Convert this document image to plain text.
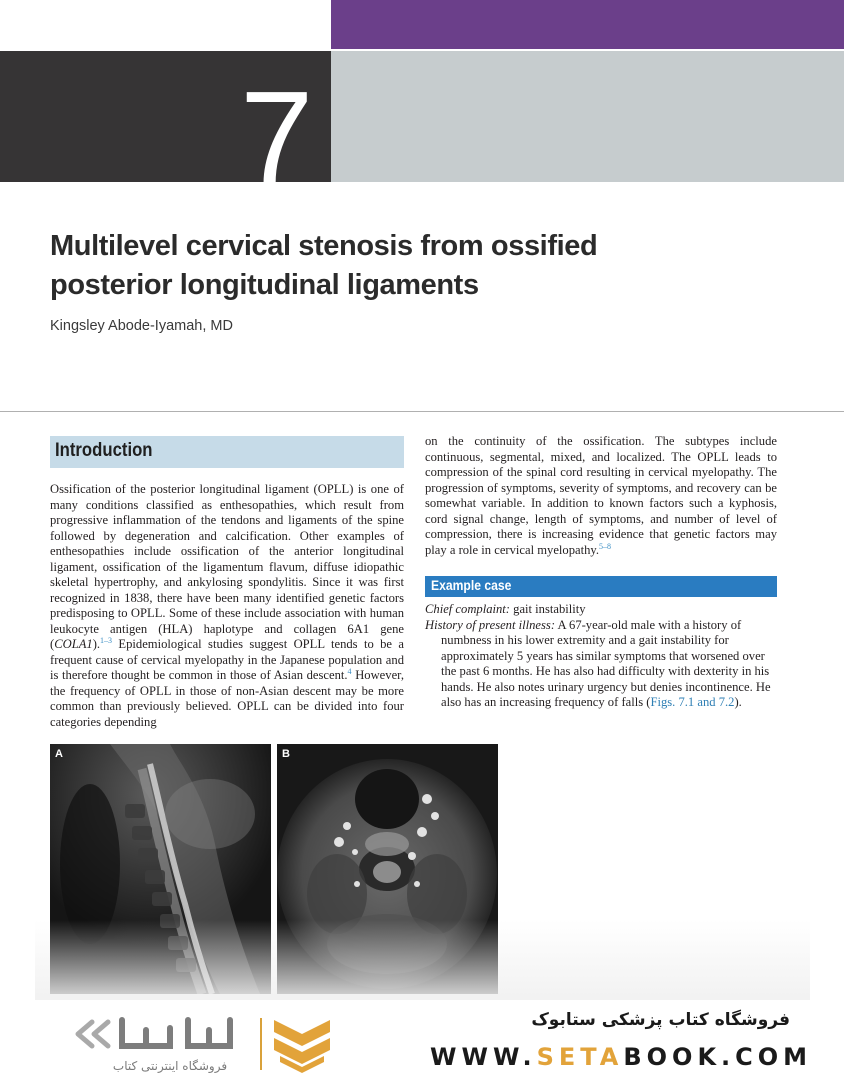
7
Multilevel cervical stenosis from ossified
posterior longitudinal ligaments
Kingsley Abode-Iyamah, MD
Introduction
Ossification of the posterior longitudinal ligament (OPLL) is one of many conditions classified as enthesopathies, which result from progressive inflammation of the tendons and ligaments of the spine followed by degeneration and calcification. Other examples of enthesopathies include ossification of the anterior longitudinal ligament, ossification of the ligamentum flavum, diffuse idiopathic skeletal hypertrophy, and ankylosing spondylitis. Since it was first recognized in 1838, there have been many identified genetic factors predisposing to OPLL. Some of these include association with human leukocyte antigen (HLA) haplotype and collagen 6A1 gene (COLA1).$^{1-3}$ Epidemiological studies suggest OPLL tends to be a frequent cause of cervical myelopathy in the Japanese population and is therefore thought be common in those of Asian descent.$^4$ However, the frequency of OPLL in those of non-Asian descent may be more common than previously believed. OPLL can be divided into four categories depending
on the continuity of the ossification. The subtypes include continuous, segmental, mixed, and localized. The OPLL leads to compression of the spinal cord resulting in cervical myelopathy. The progression of symptoms, severity of symptoms, and recovery can be somewhat variable. In addition to known factors such a kyphosis, cord signal change, length of symptoms, and number of level of compression, there is increasing evidence that genetic factors may play a role in cervical myelopathy.$^{5-8}$
Example case
Chief complaint: gait instability
History of present illness: A 67-year-old male with a history of numbness in his lower extremity and a gait instability for approximately 5 years has similar symptoms that worsened over the past 6 months. He has also had difficulty with dexterity in his hands. He also notes urinary urgency but denies incontinence. He also has an increasing frequency of falls (Figs. 7.1 and 7.2).
A	B
فروشگاه اینترنتی کتاب
فروشگاه کتاب پزشکی ستابوک
WWW.SETABOOK.COM
